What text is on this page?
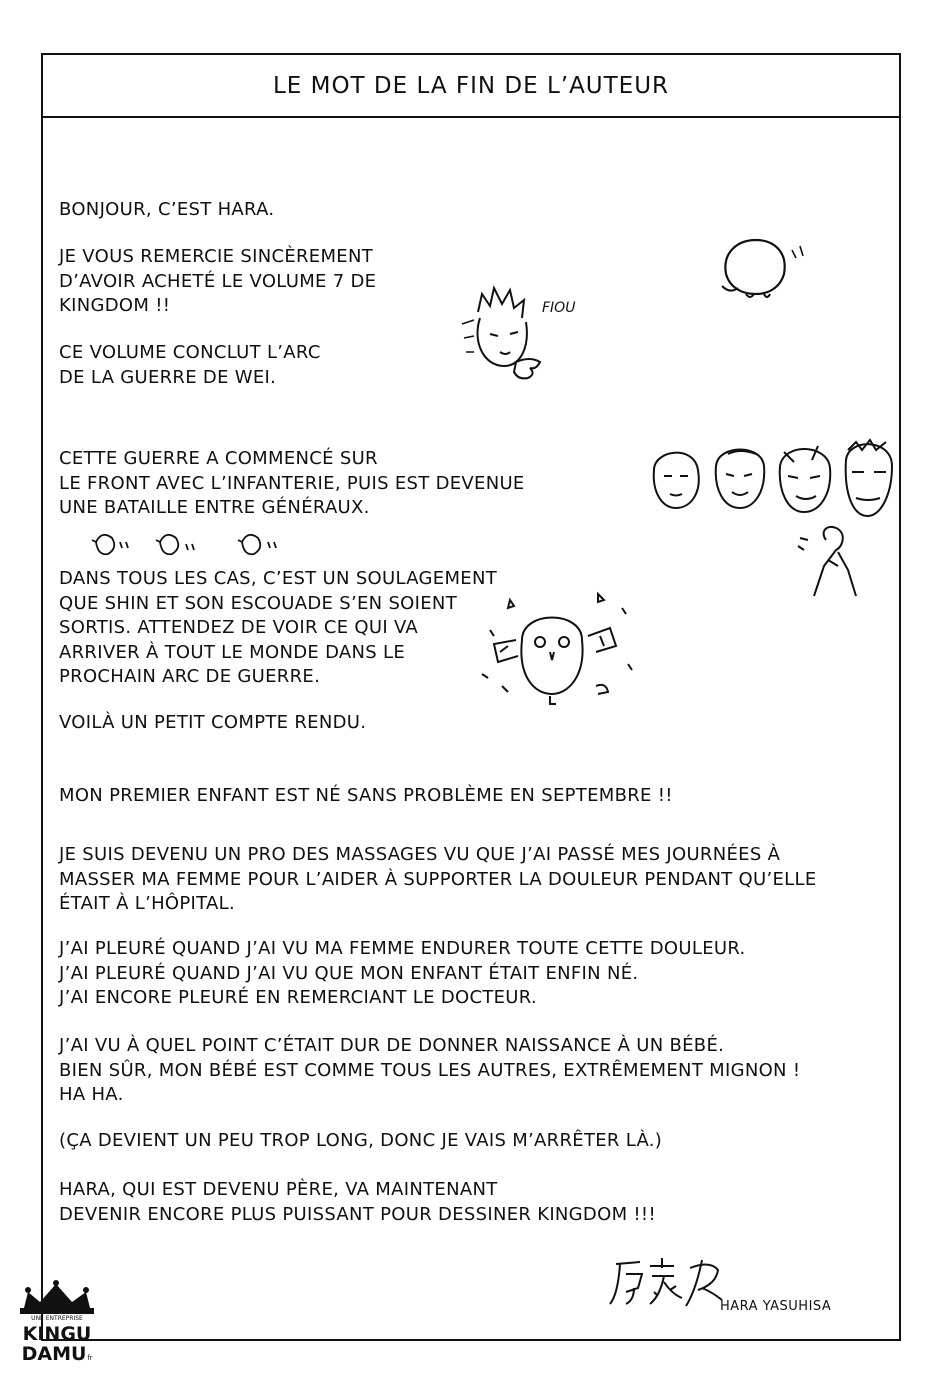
LE MOT DE LA FIN DE L’AUTEUR

BONJOUR, C’EST HARA.

JE VOUS REMERCIE SINCÈREMENT
D’AVOIR ACHETÉ LE VOLUME 7 DE
KINGDOM !!

CE VOLUME CONCLUT L’ARC
DE LA GUERRE DE WEI.

CETTE GUERRE A COMMENCÉ SUR
LE FRONT AVEC L’INFANTERIE, PUIS EST DEVENUE
UNE BATAILLE ENTRE GÉNÉRAUX.

DANS TOUS LES CAS, C’EST UN SOULAGEMENT
QUE SHIN ET SON ESCOUADE S’EN SOIENT
SORTIS. ATTENDEZ DE VOIR CE QUI VA
ARRIVER À TOUT LE MONDE DANS LE
PROCHAIN ARC DE GUERRE.

VOILÀ UN PETIT COMPTE RENDU.

MON PREMIER ENFANT EST NÉ SANS PROBLÈME EN SEPTEMBRE !!

JE SUIS DEVENU UN PRO DES MASSAGES VU QUE J’AI PASSÉ MES JOURNÉES À
MASSER MA FEMME POUR L’AIDER À SUPPORTER LA DOULEUR PENDANT QU’ELLE
ÉTAIT À L’HÔPITAL.

J’AI PLEURÉ QUAND J’AI VU MA FEMME ENDURER TOUTE CETTE DOULEUR.
J’AI PLEURÉ QUAND J’AI VU QUE MON ENFANT ÉTAIT ENFIN NÉ.
J’AI ENCORE PLEURÉ EN REMERCIANT LE DOCTEUR.

J’AI VU À QUEL POINT C’ÉTAIT DUR DE DONNER NAISSANCE À UN BÉBÉ.
BIEN SÛR, MON BÉBÉ EST COMME TOUS LES AUTRES, EXTRÊMEMENT MIGNON !
HA HA.

(ÇA DEVIENT UN PEU TROP LONG, DONC JE VAIS M’ARRÊTER LÀ.)

HARA, QUI EST DEVENU PÈRE, VA MAINTENANT
DEVENIR ENCORE PLUS PUISSANT POUR DESSINER KINGDOM !!!

FIOU
HARA YASUHISA
UNE ENTREPRISE
KINGU
DAMU fr
